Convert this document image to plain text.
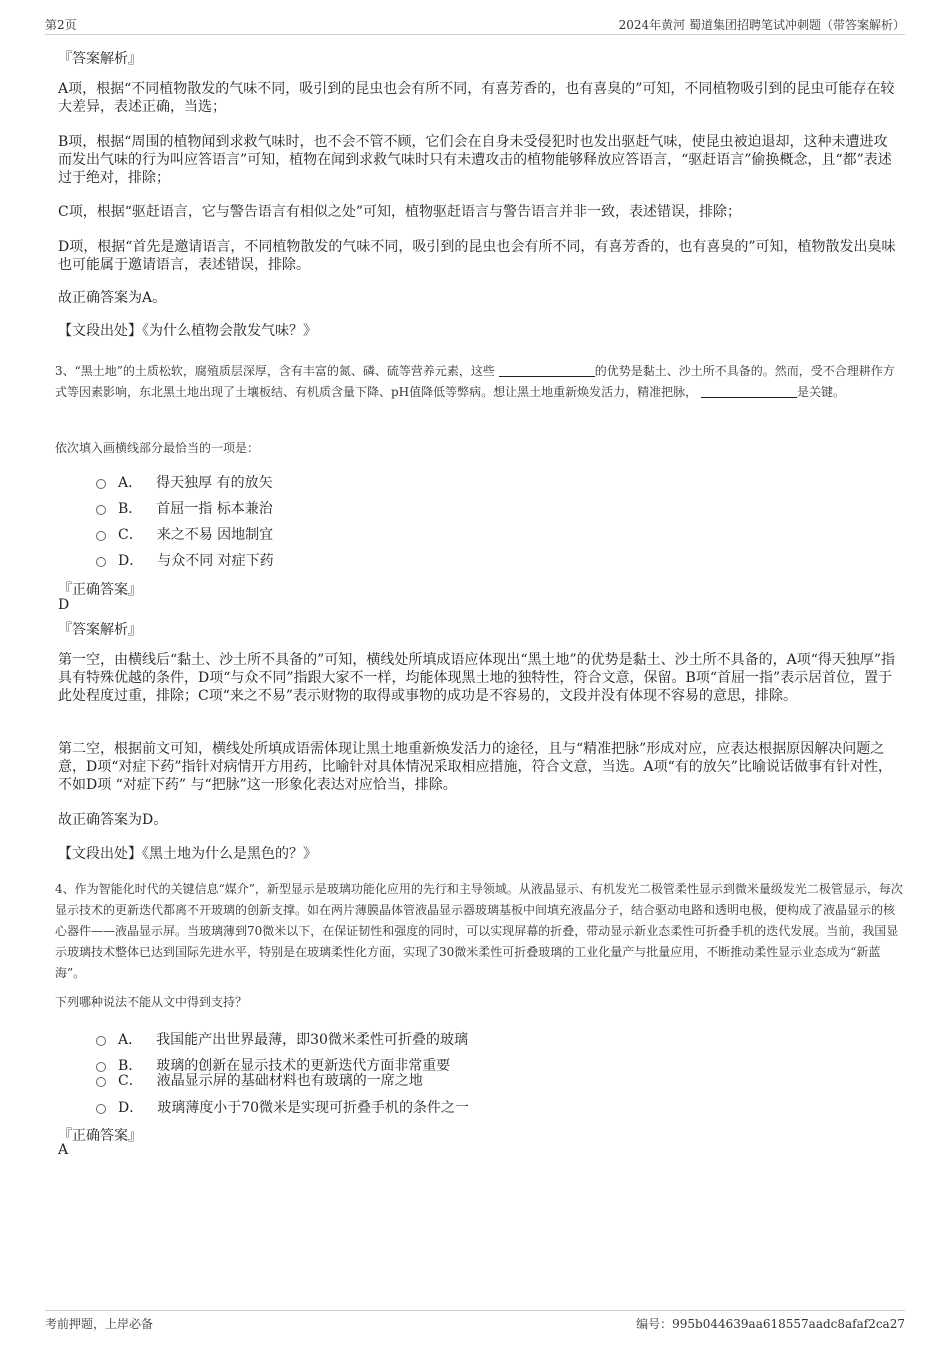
第2页	2024年黄河 蜀道集团招聘笔试冲刺题（带答案解析）
『答案解析』
A项，根据“不同植物散发的气味不同，吸引到的昆虫也会有所不同，有喜芳香的，也有喜臭的”可知，不同植物吸引到的昆虫可能存在较大差异，表述正确，当选；
B项，根据“周围的植物闻到求救气味时，也不会不管不顾，它们会在自身未受侵犯时也发出驱赶气味，使昆虫被迫退却，这种未遭进攻而发出气味的行为叫应答语言”可知，植物在闻到求救气味时只有未遭攻击的植物能够释放应答语言，“驱赶语言”偷换概念，且“都”表述过于绝对，排除；
C项，根据“驱赶语言，它与警告语言有相似之处”可知，植物驱赶语言与警告语言并非一致，表述错误，排除；
D项，根据“首先是邀请语言，不同植物散发的气味不同，吸引到的昆虫也会有所不同，有喜芳香的，也有喜臭的”可知，植物散发出臭味也可能属于邀请语言，表述错误，排除。
故正确答案为A。
【文段出处】《为什么植物会散发气味？》
3、“黑土地”的土质松软，腐殖质层深厚，含有丰富的氮、磷、硫等营养元素，这些	的优势是黏土、沙土所不具备的。然而，受不合理耕作方式等因素影响，东北黑土地出现了土壤板结、有机质含量下降、pH值降低等弊病。想让黑土地重新焕发活力，精准把脉，	是关键。
依次填入画横线部分最恰当的一项是：
A． 得天独厚 有的放矢
B． 首屈一指 标本兼治
C． 来之不易 因地制宜
D． 与众不同 对症下药
『正确答案』
D
『答案解析』
第一空，由横线后“黏土、沙土所不具备的”可知，横线处所填成语应体现出“黑土地”的优势是黏土、沙土所不具备的，A项“得天独厚”指具有特殊优越的条件，D项“与众不同”指跟大家不一样，均能体现黑土地的独特性，符合文意，保留。B项“首屈一指”表示居首位，置于此处程度过重，排除；C项“来之不易”表示财物的取得或事物的成功是不容易的，文段并没有体现不容易的意思，排除。
第二空，根据前文可知，横线处所填成语需体现让黑土地重新焕发活力的途径，且与“精准把脉”形成对应，应表达根据原因解决问题之意，D项“对症下药”指针对病情开方用药，比喻针对具体情况采取相应措施，符合文意，当选。A项“有的放矢”比喻说话做事有针对性，不如D项 “对症下药” 与“把脉”这一形象化表达对应恰当，排除。
故正确答案为D。
【文段出处】《黑土地为什么是黑色的？》
4、作为智能化时代的关键信息“媒介”，新型显示是玻璃功能化应用的先行和主导领域。从液晶显示、有机发光二极管柔性显示到微米量级发光二极管显示，每次显示技术的更新迭代都离不开玻璃的创新支撑。如在两片薄膜晶体管液晶显示器玻璃基板中间填充液晶分子，结合驱动电路和透明电极，便构成了液晶显示的核心器件——液晶显示屏。当玻璃薄到70微米以下，在保证韧性和强度的同时，可以实现屏幕的折叠，带动显示新业态柔性可折叠手机的迭代发展。当前，我国显示玻璃技术整体已达到国际先进水平，特别是在玻璃柔性化方面，实现了30微米柔性可折叠玻璃的工业化量产与批量应用，不断推动柔性显示业态成为“新蓝海”。
下列哪种说法不能从文中得到支持？
A． 我国能产出世界最薄，即30微米柔性可折叠的玻璃
B． 玻璃的创新在显示技术的更新迭代方面非常重要
C． 液晶显示屏的基础材料也有玻璃的一席之地
D． 玻璃薄度小于70微米是实现可折叠手机的条件之一
『正确答案』
A
考前押题，上岸必备	编号：995b044639aa618557aadc8afaf2ca27
